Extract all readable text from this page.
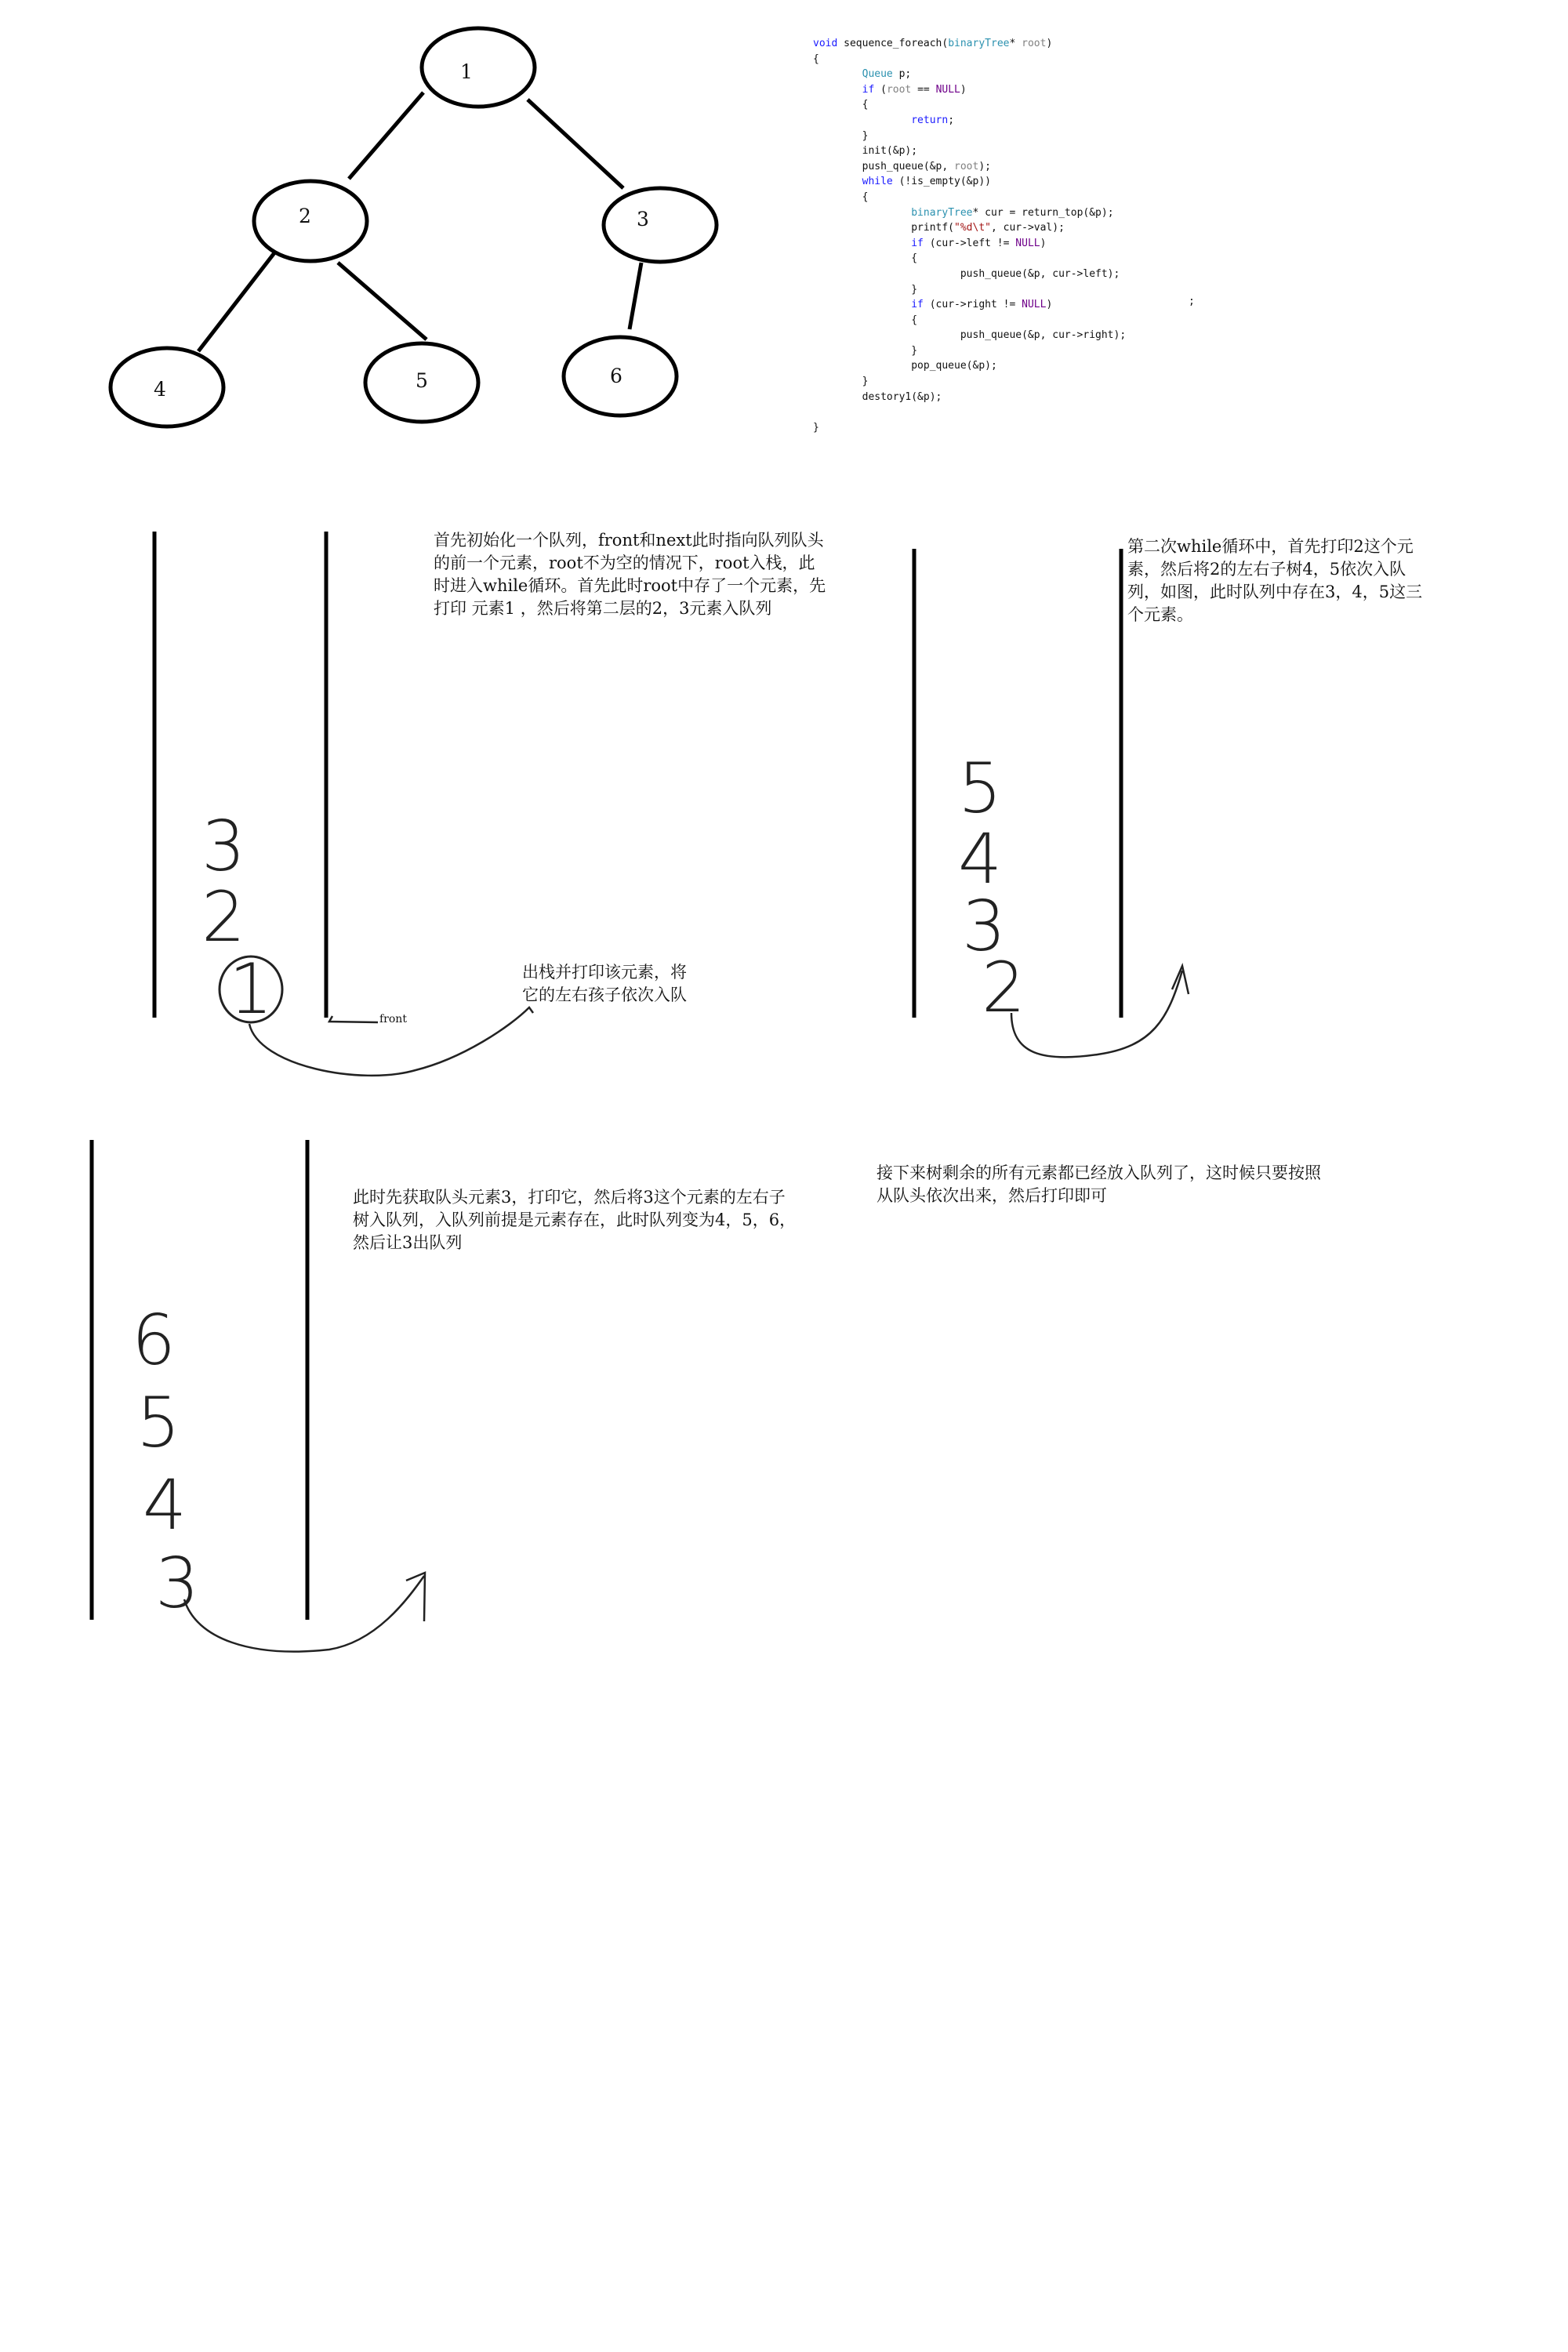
1
2	3
4	5	6
3
2
1
5
4
3
2
6
5
4
3
void sequence_foreach(binaryTree* root)
{
Queue p;
if (root == NULL)
{
return;
}
init(&p);
push_queue(&p, root);
while (!is_empty(&p))
{
binaryTree* cur = return_top(&p);
printf("%d\t", cur->val);
if (cur->left != NULL)
{
push_queue(&p, cur->left);
}
if (cur->right != NULL)
{
push_queue(&p, cur->right);
}
pop_queue(&p);
}
destory1(&p);

}
;
首先初始化一个队列，front和next此时指向队列队头
的前一个元素，root不为空的情况下，root入栈，此
时进入while循环。首先此时root中存了一个元素，先
打印 元素1 ，然后将第二层的2，3元素入队列
出栈并打印该元素，将
它的左右孩子依次入队
front
第二次while循环中，首先打印2这个元
素，然后将2的左右子树4，5依次入队
列，如图，此时队列中存在3，4，5这三
个元素。
此时先获取队头元素3，打印它，然后将3这个元素的左右子
树入队列，入队列前提是元素存在，此时队列变为4，5，6，
然后让3出队列
接下来树剩余的所有元素都已经放入队列了，这时候只要按照
从队头依次出来，然后打印即可
